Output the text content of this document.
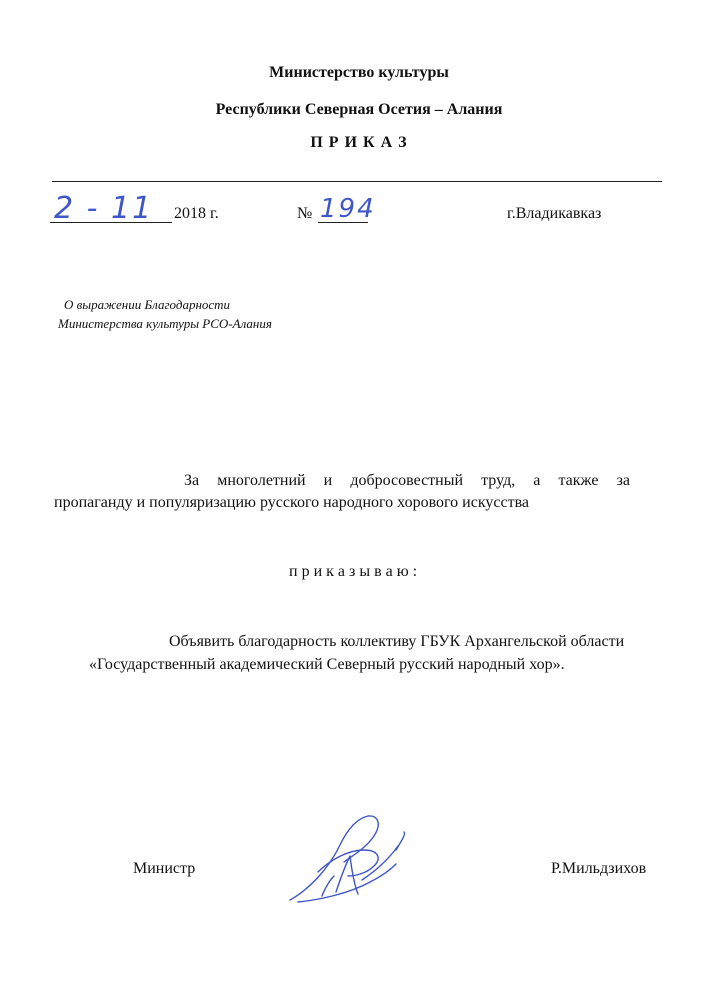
Министерство культуры
Республики Северная Осетия – Алания
П Р И К А З
2 - 11 2018 г.	№ 194	г.Владикавказ
О выражении Благодарности
Министерства культуры РСО-Алания
За многолетний и добросовестный труд, а также за
пропаганду и популяризацию русского народного хорового искусства
п р и к а з ы в а ю :
Объявить благодарность коллективу ГБУК Архангельской области
«Государственный академический Северный русский народный хор».
Министр	Р.Мильдзихов
